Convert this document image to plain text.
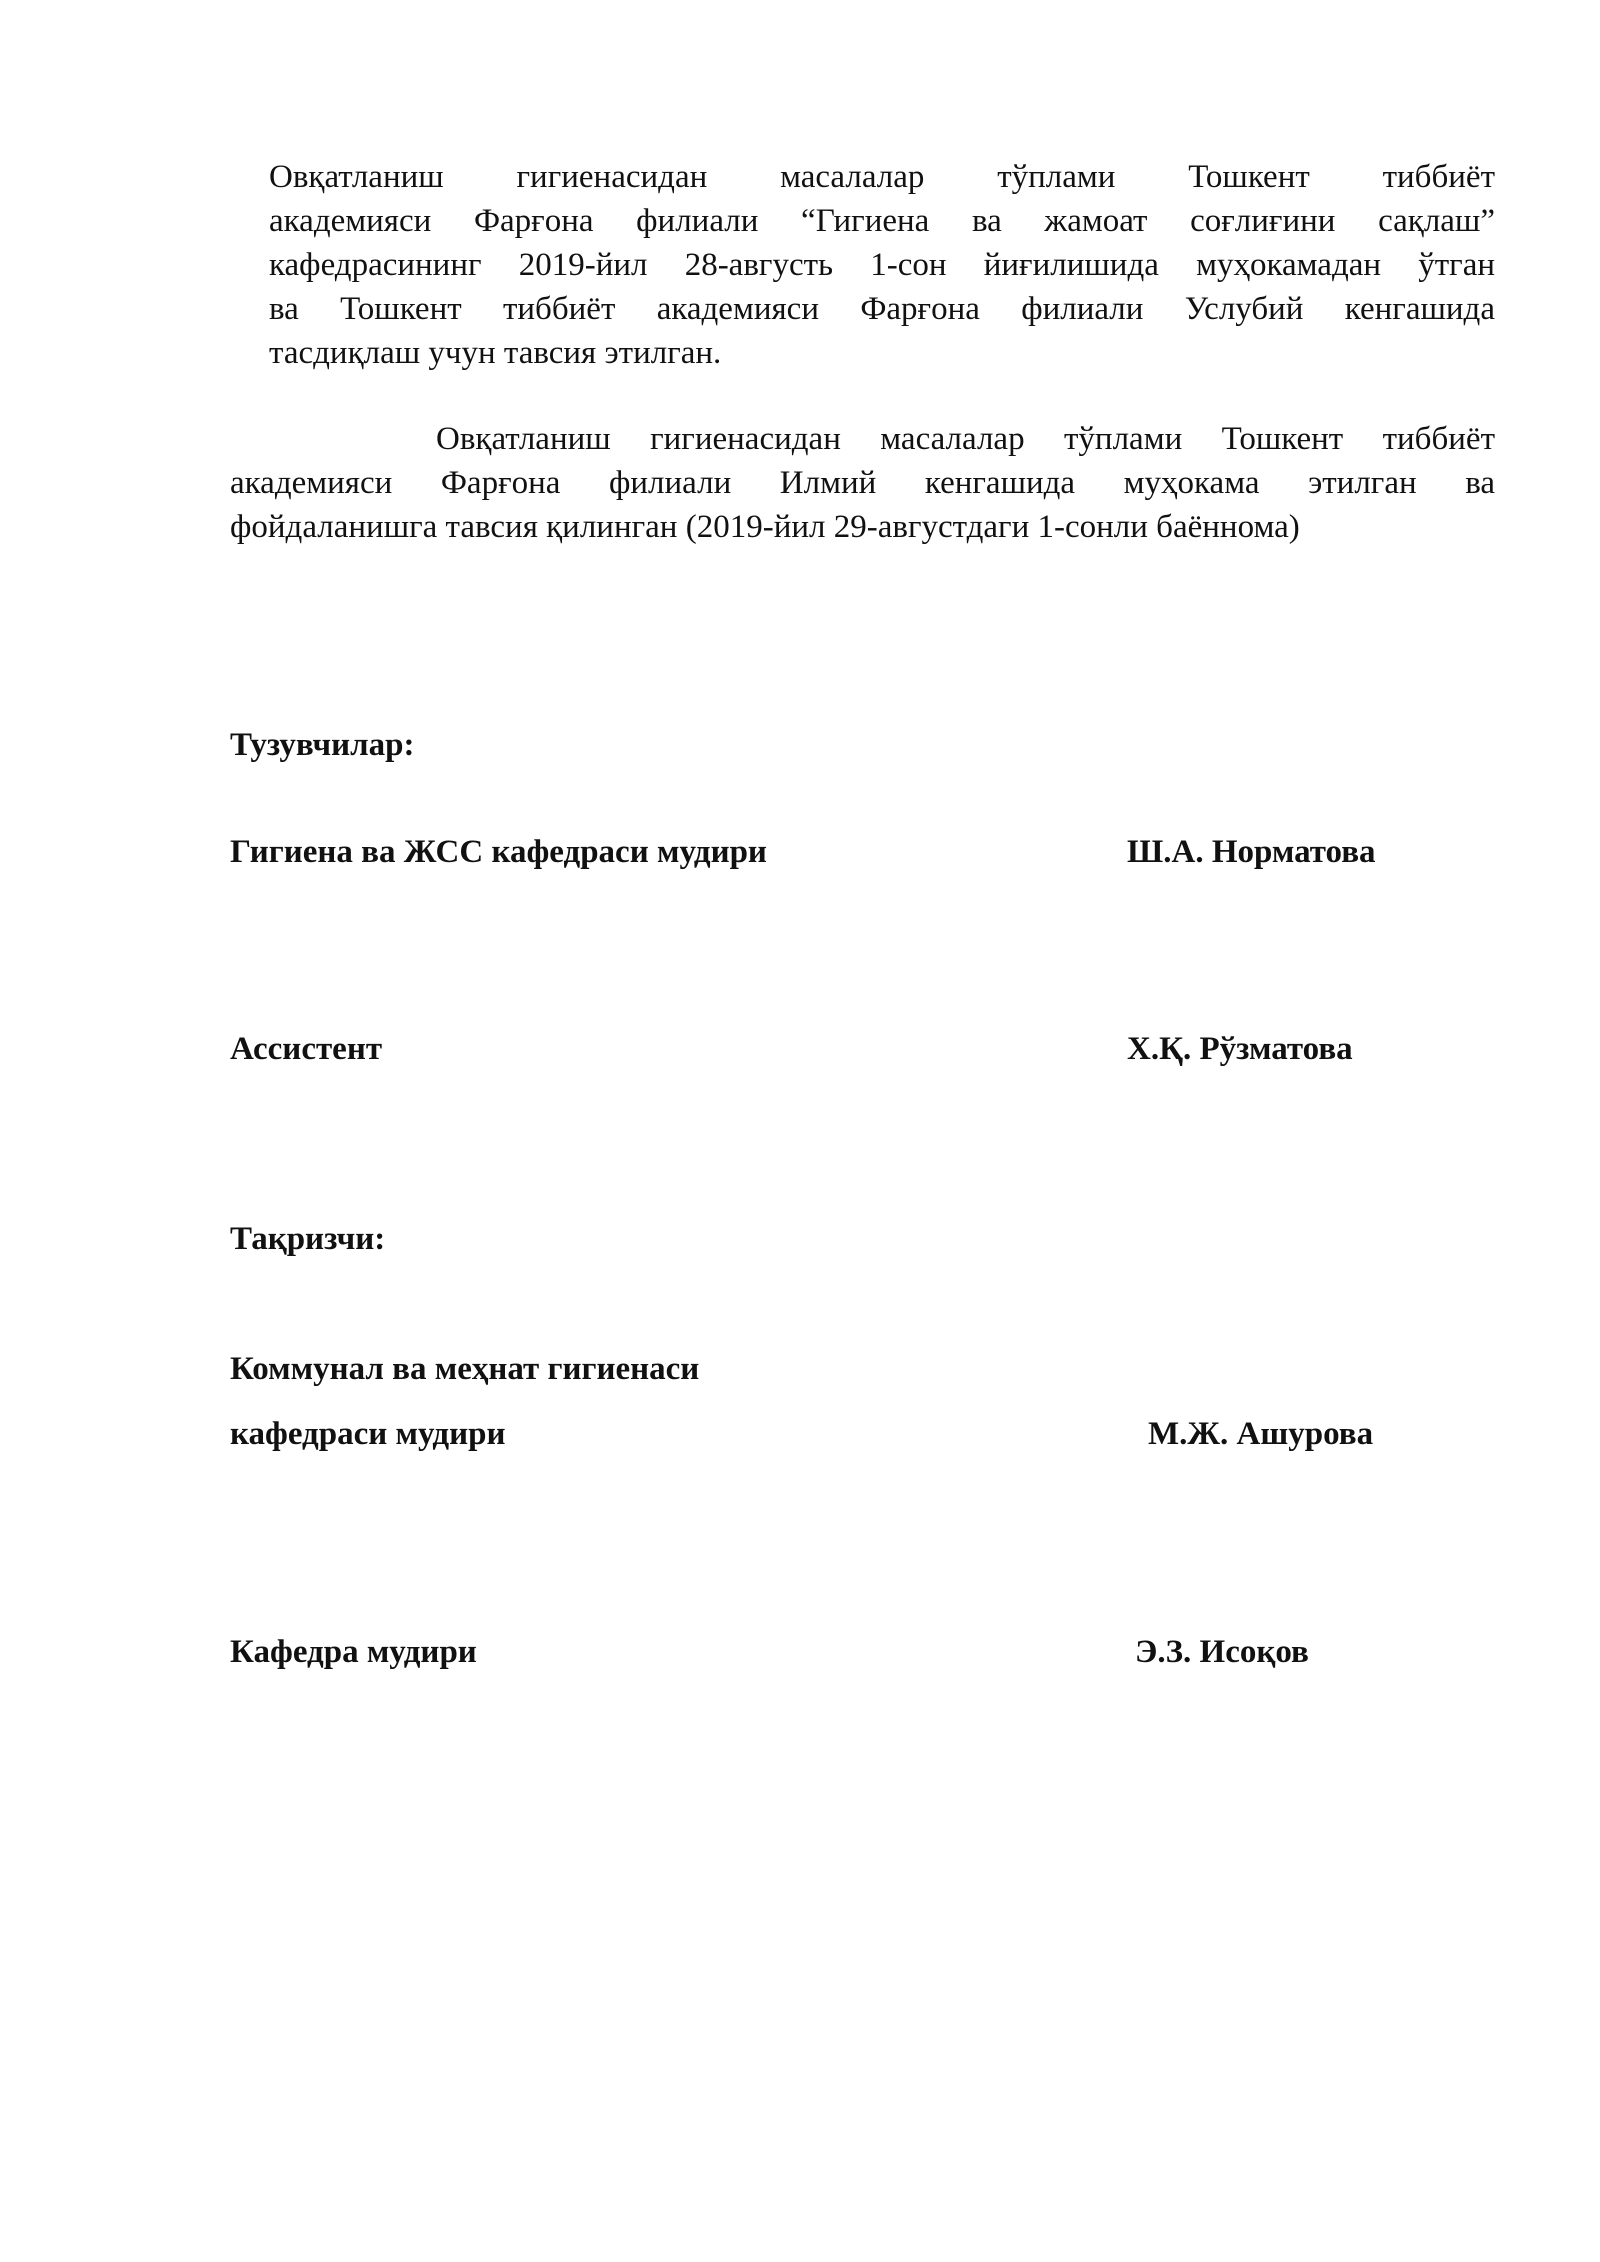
Овқатланиш гигиенасидан масалалар тўплами Тошкент тиббиёт
академияси Фарғона филиали “Гигиена ва жамоат соғлиғини сақлаш”
кафедрасининг 2019-йил 28-августь 1-сон йиғилишида муҳокамадан ўтган
ва Тошкент тиббиёт академияси Фарғона филиали Услубий кенгашида
тасдиқлаш учун тавсия этилган.
Овқатланиш гигиенасидан масалалар тўплами Тошкент тиббиёт
академияси Фарғона филиали Илмий кенгашида муҳокама этилган ва
фойдаланишга тавсия қилинган (2019-йил 29-августдаги 1-сонли баённома)
Тузувчилар:
Гигиена ва ЖСС кафедраси мудири	Ш.А. Норматова
Ассистент	Х.Қ. Рўзматова
Тақризчи:
Коммунал ва меҳнат гигиенаси
кафедраси мудири	М.Ж. Ашурова
Кафедра мудири	Э.З. Исоқов
